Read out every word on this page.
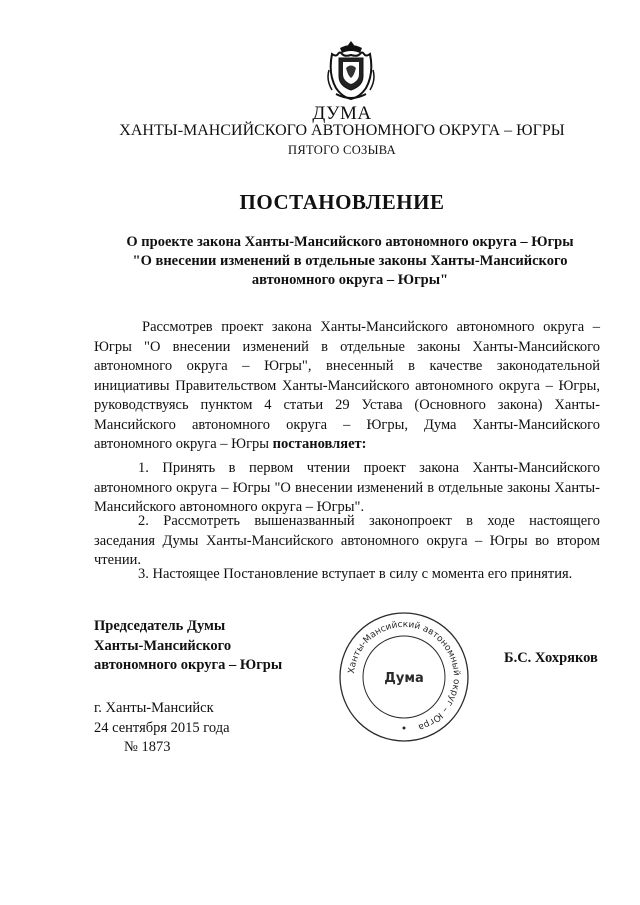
ДУМА
ХАНТЫ-МАНСИЙСКОГО АВТОНОМНОГО ОКРУГА – ЮГРЫ
ПЯТОГО СОЗЫВА
ПОСТАНОВЛЕНИЕ
О проекте закона Ханты-Мансийского автономного округа – Югры
"О внесении изменений в отдельные законы Ханты-Мансийского
автономного округа – Югры"
Рассмотрев проект закона Ханты-Мансийского автономного округа – Югры "О внесении изменений в отдельные законы Ханты-Мансийского автономного округа – Югры", внесенный в качестве законодательной инициативы Правительством Ханты-Мансийского автономного округа – Югры, руководствуясь пунктом 4 статьи 29 Устава (Основного закона) Ханты-Мансийского автономного округа – Югры, Дума Ханты-Мансийского автономного округа – Югры постановляет:
1. Принять в первом чтении проект закона Ханты-Мансийского автономного округа – Югры "О внесении изменений в отдельные законы Ханты-Мансийского автономного округа – Югры".
2. Рассмотреть вышеназванный законопроект в ходе настоящего заседания Думы Ханты-Мансийского автономного округа – Югры во втором чтении.
3. Настоящее Постановление вступает в силу с момента его принятия.
Председатель Думы
Ханты-Мансийского
автономного округа – Югры	Ханты-Мансийский автономный округ – Югра
Дума
Б.С. Хохряков
г. Ханты-Мансийск
24 сентября 2015 года
№ 1873
